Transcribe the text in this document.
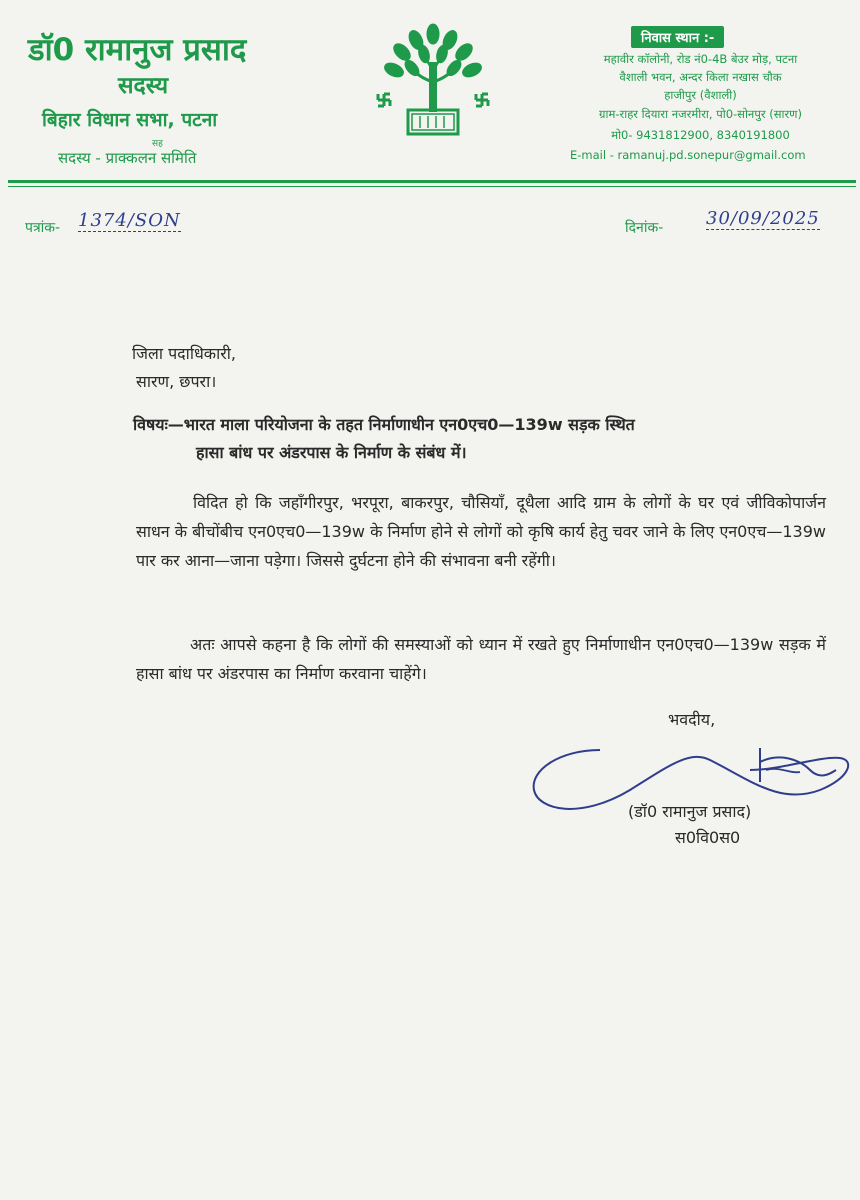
डॉ0 रामानुज प्रसाद
सदस्य
बिहार विधान सभा, पटना
सह
सदस्य - प्राक्कलन समिति
निवास स्थान :-
महावीर कॉलोनी, रोड नं0-4B बेउर मोड़, पटना
वैशाली भवन, अन्दर किला नखास चौक
हाजीपुर (वैशाली)
ग्राम-राहर दियारा नजरमीरा, पो0-सोनपुर (सारण)
मो0- 9431812900, 8340191800
E-mail - ramanuj.pd.sonepur@gmail.com
पत्रांक- 1374/SON	दिनांक- 30/09/2025
जिला पदाधिकारी,
सारण, छपरा।
विषयः—भारत माला परियोजना के तहत निर्माणाधीन एन0एच0—139w सड़क स्थित
हासा बांध पर अंडरपास के निर्माण के संबंध में।
विदित हो कि जहाँगीरपुर, भरपूरा, बाकरपुर, चौसियाँ, दूधैला आदि ग्राम के लोगों के घर एवं जीविकोपार्जन साधन के बीचोंबीच एन0एच0—139w के निर्माण होने से लोगों को कृषि कार्य हेतु चवर जाने के लिए एन0एच—139w पार कर आना—जाना पड़ेगा। जिससे दुर्घटना होने की संभावना बनी रहेंगी।
अतः आपसे कहना है कि लोगों की समस्याओं को ध्यान में रखते हुए निर्माणाधीन एन0एच0—139w सड़क में हासा बांध पर अंडरपास का निर्माण करवाना चाहेंगे।
भवदीय,
(डॉ0 रामानुज प्रसाद)
स0वि0स0
